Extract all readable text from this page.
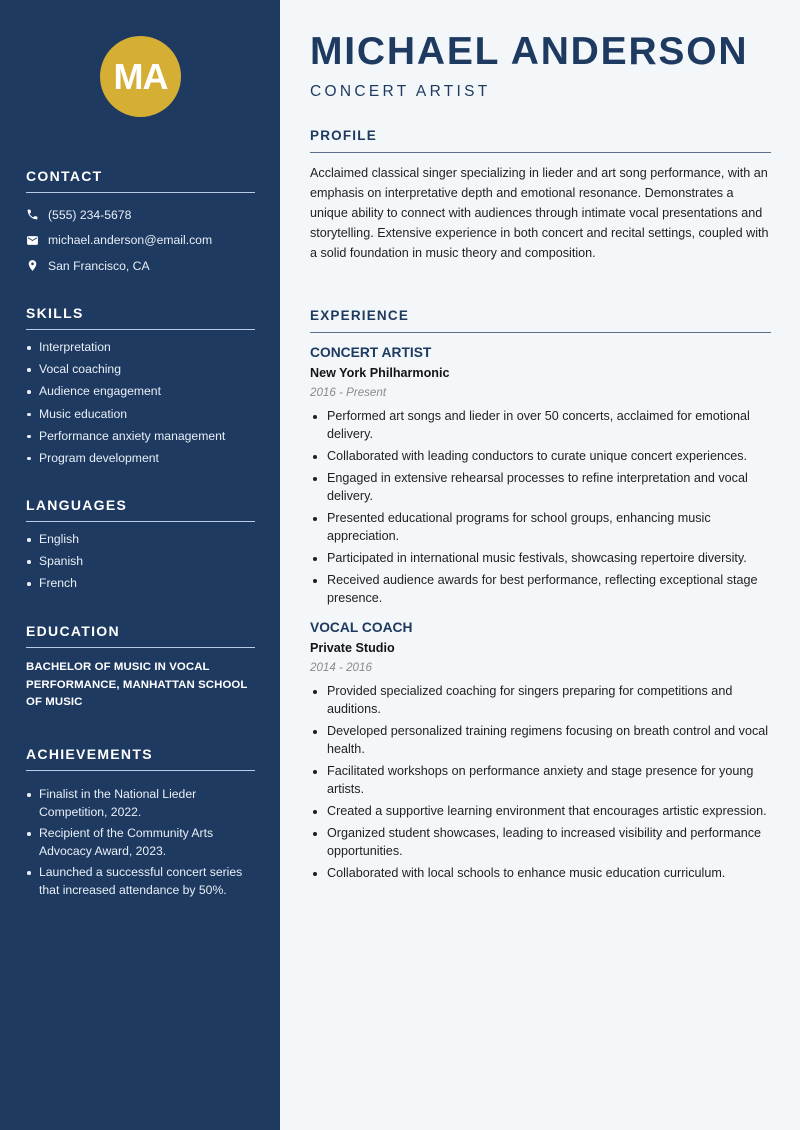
MA
CONTACT
(555) 234-5678
michael.anderson@email.com
San Francisco, CA
SKILLS
Interpretation
Vocal coaching
Audience engagement
Music education
Performance anxiety management
Program development
LANGUAGES
English
Spanish
French
EDUCATION
BACHELOR OF MUSIC IN VOCAL PERFORMANCE, MANHATTAN SCHOOL OF MUSIC
ACHIEVEMENTS
Finalist in the National Lieder Competition, 2022.
Recipient of the Community Arts Advocacy Award, 2023.
Launched a successful concert series that increased attendance by 50%.
MICHAEL ANDERSON
CONCERT ARTIST
PROFILE
Acclaimed classical singer specializing in lieder and art song performance, with an emphasis on interpretative depth and emotional resonance. Demonstrates a unique ability to connect with audiences through intimate vocal presentations and storytelling. Extensive experience in both concert and recital settings, coupled with a solid foundation in music theory and composition.
EXPERIENCE
CONCERT ARTIST
New York Philharmonic
2016 - Present
Performed art songs and lieder in over 50 concerts, acclaimed for emotional delivery.
Collaborated with leading conductors to curate unique concert experiences.
Engaged in extensive rehearsal processes to refine interpretation and vocal delivery.
Presented educational programs for school groups, enhancing music appreciation.
Participated in international music festivals, showcasing repertoire diversity.
Received audience awards for best performance, reflecting exceptional stage presence.
VOCAL COACH
Private Studio
2014 - 2016
Provided specialized coaching for singers preparing for competitions and auditions.
Developed personalized training regimens focusing on breath control and vocal health.
Facilitated workshops on performance anxiety and stage presence for young artists.
Created a supportive learning environment that encourages artistic expression.
Organized student showcases, leading to increased visibility and performance opportunities.
Collaborated with local schools to enhance music education curriculum.
